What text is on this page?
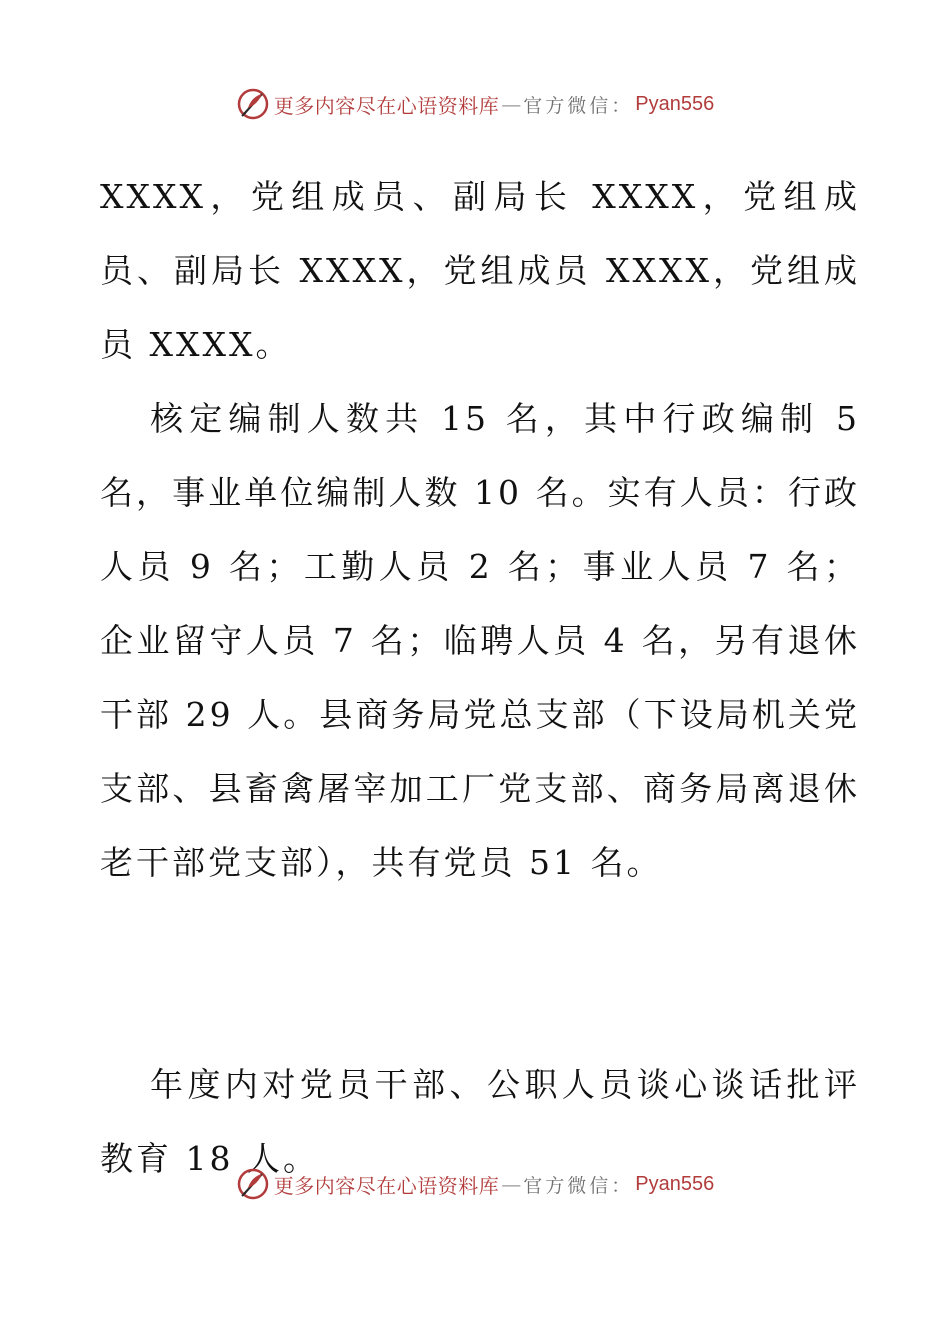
更多内容尽在心语资料库 — 官方微信： Pyan556

XXXX，党组成员、副局长 XXXX，党组成员、副局长 XXXX，党组成员 XXXX，党组成员 XXXX。

核定编制人数共 15 名，其中行政编制 5 名，事业单位编制人数 10 名。实有人员：行政人员 9 名；工勤人员 2 名；事业人员 7 名；企业留守人员 7 名；临聘人员 4 名，另有退休干部 29 人。县商务局党总支部（下设局机关党支部、县畜禽屠宰加工厂党支部、商务局离退休老干部党支部），共有党员 51 名。

年度内对党员干部、公职人员谈心谈话批评教育 18 人。

更多内容尽在心语资料库 — 官方微信： Pyan556
